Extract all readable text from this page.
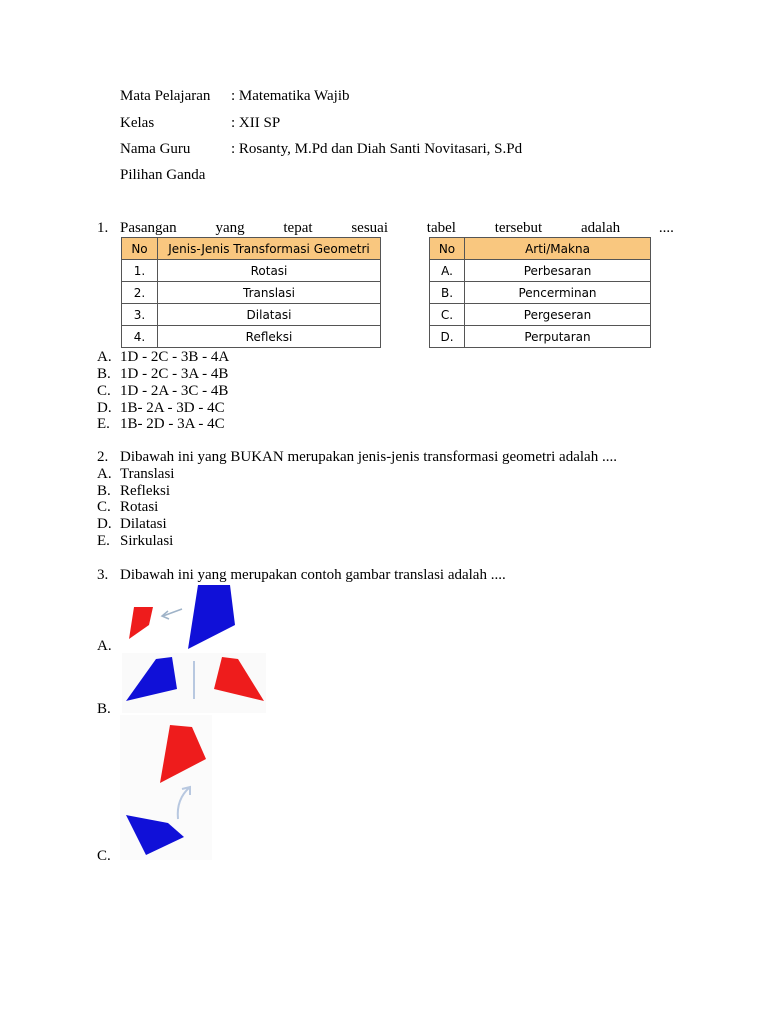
Mata Pelajaran : Matematika Wajib
Kelas	: XII SP
Nama Guru	: Rosanty, M.Pd dan Diah Santi Novitasari, S.Pd
Pilihan Ganda
1. Pasangan	yang	tepat	sesuai	tabel	tersebut	adalah	....
No	Jenis-Jenis Transformasi Geometri
1.	Rotasi
2.	Translasi
3.	Dilatasi
4.	Refleksi
No	Arti/Makna
A.	Perbesaran
B.	Pencerminan
C.	Pergeseran
D.	Perputaran
A. 1D - 2C - 3B - 4A
B. 1D - 2C - 3A - 4B
C. 1D - 2A - 3C - 4B
D. 1B- 2A - 3D - 4C
E. 1B- 2D - 3A - 4C
2. Dibawah ini yang BUKAN merupakan jenis-jenis transformasi geometri adalah ....
A. Translasi
B. Refleksi
C. Rotasi
D. Dilatasi
E. Sirkulasi
3. Dibawah ini yang merupakan contoh gambar translasi adalah ....
A.
B.
C.
